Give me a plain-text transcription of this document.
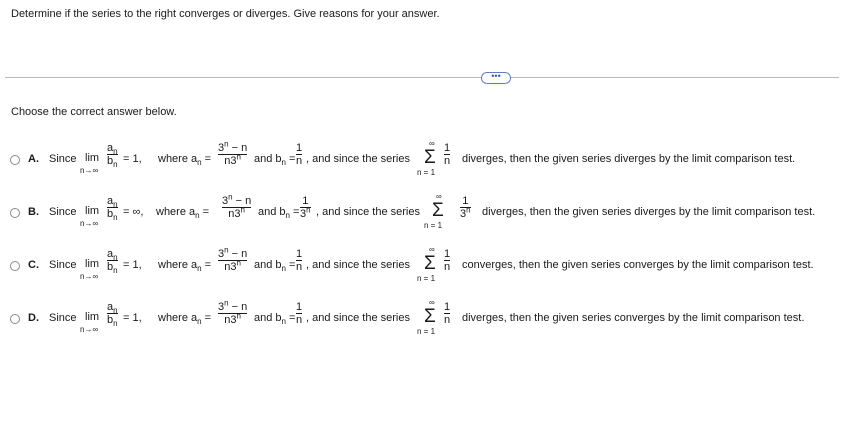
Determine if the series to the right converges or diverges. Give reasons for your answer.
•••
Choose the correct answer below.
A. Since lim
n→∞
$a_n$
$b_n = 1$, where $a_n$ =
$3^n - n$
n3$^n$ and $b_n$ =
1
n , and since the series
∞
Σ
n = 1
1
n diverges, then the given series diverges by the limit comparison test.
B. Since lim
n→∞
$a_n$
$b_n$ = ∞, where $a_n$ =
$3^n - n$
n3$^n$ and $b_n$ =
1
3$^n$ , and since the series
∞
Σ
n = 1
1
3$^n$ diverges, then the given series diverges by the limit comparison test.
C. Since lim
n→∞
$a_n$
$b_n = 1$, where $a_n$ =
$3^n - n$
n3$^n$ and $b_n$ =
1
n , and since the series
∞
Σ
n = 1
1
n converges, then the given series converges by the limit comparison test.
D. Since lim
n→∞
$a_n$
$b_n = 1$, where $a_n$ =
$3^n - n$
n3$^n$ and $b_n$ =
1
n , and since the series
∞
Σ
n = 1
1
n diverges, then the given series converges by the limit comparison test.
